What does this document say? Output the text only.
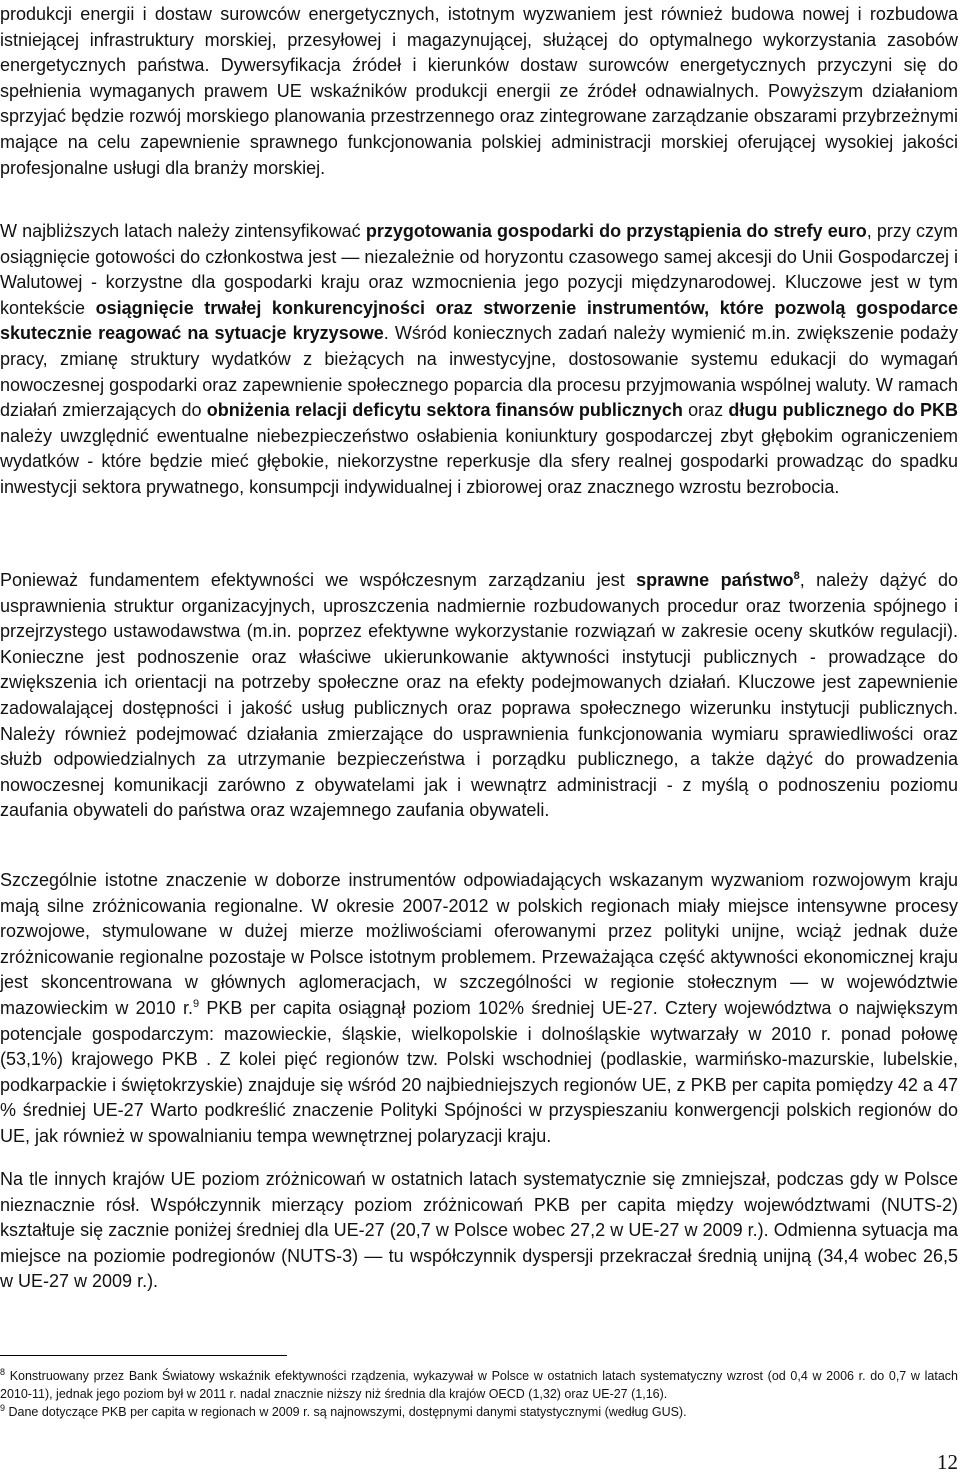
produkcji energii i dostaw surowców energetycznych, istotnym wyzwaniem jest również budowa nowej i rozbudowa istniejącej infrastruktury morskiej, przesyłowej i magazynującej, służącej do optymalnego wykorzystania zasobów energetycznych państwa. Dywersyfikacja źródeł i kierunków dostaw surowców energetycznych przyczyni się do spełnienia wymaganych prawem UE wskaźników produkcji energii ze źródeł odnawialnych. Powyższym działaniom sprzyjać będzie rozwój morskiego planowania przestrzennego oraz zintegrowane zarządzanie obszarami przybrzeżnymi mające na celu zapewnienie sprawnego funkcjonowania polskiej administracji morskiej oferującej wysokiej jakości profesjonalne usługi dla branży morskiej.

W najbliższych latach należy zintensyfikować przygotowania gospodarki do przystąpienia do strefy euro, przy czym osiągnięcie gotowości do członkostwa jest — niezależnie od horyzontu czasowego samej akcesji do Unii Gospodarczej i Walutowej - korzystne dla gospodarki kraju oraz wzmocnienia jego pozycji międzynarodowej. Kluczowe jest w tym kontekście osiągnięcie trwałej konkurencyjności oraz stworzenie instrumentów, które pozwolą gospodarce skutecznie reagować na sytuacje kryzysowe. Wśród koniecznych zadań należy wymienić m.in. zwiększenie podaży pracy, zmianę struktury wydatków z bieżących na inwestycyjne, dostosowanie systemu edukacji do wymagań nowoczesnej gospodarki oraz zapewnienie społecznego poparcia dla procesu przyjmowania wspólnej waluty. W ramach działań zmierzających do obniżenia relacji deficytu sektora finansów publicznych oraz długu publicznego do PKB należy uwzględnić ewentualne niebezpieczeństwo osłabienia koniunktury gospodarczej zbyt głębokim ograniczeniem wydatków - które będzie mieć głębokie, niekorzystne reperkusje dla sfery realnej gospodarki prowadząc do spadku inwestycji sektora prywatnego, konsumpcji indywidualnej i zbiorowej oraz znacznego wzrostu bezrobocia.

Ponieważ fundamentem efektywności we współczesnym zarządzaniu jest sprawne państwo$^8$, należy dążyć do usprawnienia struktur organizacyjnych, uproszczenia nadmiernie rozbudowanych procedur oraz tworzenia spójnego i przejrzystego ustawodawstwa (m.in. poprzez efektywne wykorzystanie rozwiązań w zakresie oceny skutków regulacji). Konieczne jest podnoszenie oraz właściwe ukierunkowanie aktywności instytucji publicznych - prowadzące do zwiększenia ich orientacji na potrzeby społeczne oraz na efekty podejmowanych działań. Kluczowe jest zapewnienie zadowalającej dostępności i jakość usług publicznych oraz poprawa społecznego wizerunku instytucji publicznych. Należy również podejmować działania zmierzające do usprawnienia funkcjonowania wymiaru sprawiedliwości oraz służb odpowiedzialnych za utrzymanie bezpieczeństwa i porządku publicznego, a także dążyć do prowadzenia nowoczesnej komunikacji zarówno z obywatelami jak i wewnątrz administracji - z myślą o podnoszeniu poziomu zaufania obywateli do państwa oraz wzajemnego zaufania obywateli.

Szczególnie istotne znaczenie w doborze instrumentów odpowiadających wskazanym wyzwaniom rozwojowym kraju mają silne zróżnicowania regionalne. W okresie 2007-2012 w polskich regionach miały miejsce intensywne procesy rozwojowe, stymulowane w dużej mierze możliwościami oferowanymi przez polityki unijne, wciąż jednak duże zróżnicowanie regionalne pozostaje w Polsce istotnym problemem. Przeważająca część aktywności ekonomicznej kraju jest skoncentrowana w głównych aglomeracjach, w szczególności w regionie stołecznym — w województwie mazowieckim w 2010 r.$^9$ PKB per capita osiągnął poziom 102% średniej UE-27. Cztery województwa o największym potencjale gospodarczym: mazowieckie, śląskie, wielkopolskie i dolnośląskie wytwarzały w 2010 r. ponad połowę (53,1%) krajowego PKB . Z kolei pięć regionów tzw. Polski wschodniej (podlaskie, warmińsko-mazurskie, lubelskie, podkarpackie i świętokrzyskie) znajduje się wśród 20 najbiedniejszych regionów UE, z PKB per capita pomiędzy 42 a 47 % średniej UE-27 Warto podkreślić znaczenie Polityki Spójności w przyspieszaniu konwergencji polskich regionów do UE, jak również w spowalnianiu tempa wewnętrznej polaryzacji kraju.

Na tle innych krajów UE poziom zróżnicowań w ostatnich latach systematycznie się zmniejszał, podczas gdy w Polsce nieznacznie rósł. Współczynnik mierzący poziom zróżnicowań PKB per capita między województwami (NUTS-2) kształtuje się zacznie poniżej średniej dla UE-27 (20,7 w Polsce wobec 27,2 w UE-27 w 2009 r.). Odmienna sytuacja ma miejsce na poziomie podregionów (NUTS-3) — tu współczynnik dyspersji przekraczał średnią unijną (34,4 wobec 26,5 w UE-27 w 2009 r.).

$^8$ Konstruowany przez Bank Światowy wskaźnik efektywności rządzenia, wykazywał w Polsce w ostatnich latach systematyczny wzrost (od 0,4 w 2006 r. do 0,7 w latach 2010-11), jednak jego poziom był w 2011 r. nadal znacznie niższy niż średnia dla krajów OECD (1,32) oraz UE-27 (1,16).

$^9$ Dane dotyczące PKB per capita w regionach w 2009 r. są najnowszymi, dostępnymi danymi statystycznymi (według GUS).

12
